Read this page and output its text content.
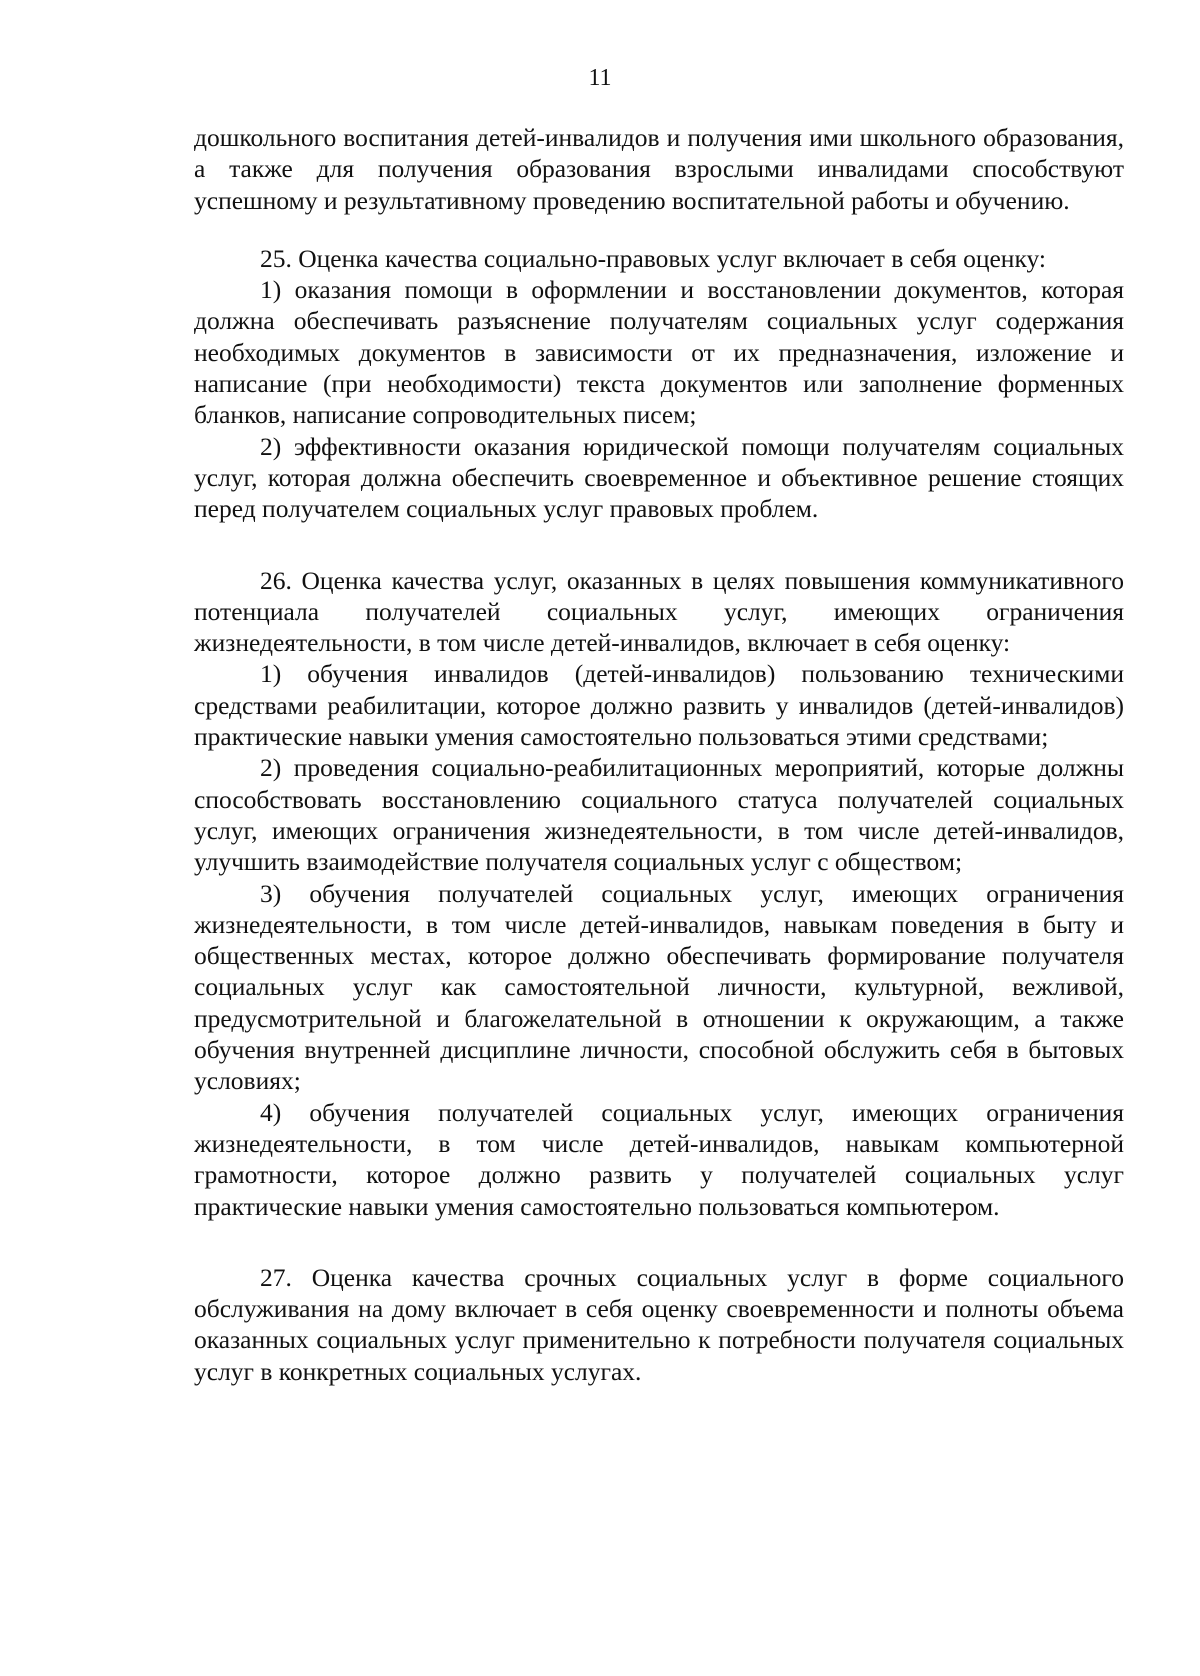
11

дошкольного воспитания детей-инвалидов и получения ими школьного образования, а также для получения образования взрослыми инвалидами способствуют успешному и результативному проведению воспитательной работы и обучению.

25. Оценка качества социально-правовых услуг включает в себя оценку:

1) оказания помощи в оформлении и восстановлении документов, которая должна обеспечивать разъяснение получателям социальных услуг содержания необходимых документов в зависимости от их предназначения, изложение и написание (при необходимости) текста документов или заполнение форменных бланков, написание сопроводительных писем;

2) эффективности оказания юридической помощи получателям социальных услуг, которая должна обеспечить своевременное и объективное решение стоящих перед получателем социальных услуг правовых проблем.

26. Оценка качества услуг, оказанных в целях повышения коммуникативного потенциала получателей социальных услуг, имеющих ограничения жизнедеятельности, в том числе детей-инвалидов, включает в себя оценку:

1) обучения инвалидов (детей-инвалидов) пользованию техническими средствами реабилитации, которое должно развить у инвалидов (детей-инвалидов) практические навыки умения самостоятельно пользоваться этими средствами;

2) проведения социально-реабилитационных мероприятий, которые должны способствовать восстановлению социального статуса получателей социальных услуг, имеющих ограничения жизнедеятельности, в том числе детей-инвалидов, улучшить взаимодействие получателя социальных услуг с обществом;

3) обучения получателей социальных услуг, имеющих ограничения жизнедеятельности, в том числе детей-инвалидов, навыкам поведения в быту и общественных местах, которое должно обеспечивать формирование получателя социальных услуг как самостоятельной личности, культурной, вежливой, предусмотрительной и благожелательной в отношении к окружающим, а также обучения внутренней дисциплине личности, способной обслужить себя в бытовых условиях;

4) обучения получателей социальных услуг, имеющих ограничения жизнедеятельности, в том числе детей-инвалидов, навыкам компьютерной грамотности, которое должно развить у получателей социальных услуг практические навыки умения самостоятельно пользоваться компьютером.

27. Оценка качества срочных социальных услуг в форме социального обслуживания на дому включает в себя оценку своевременности и полноты объема оказанных социальных услуг применительно к потребности получателя социальных услуг в конкретных социальных услугах.
